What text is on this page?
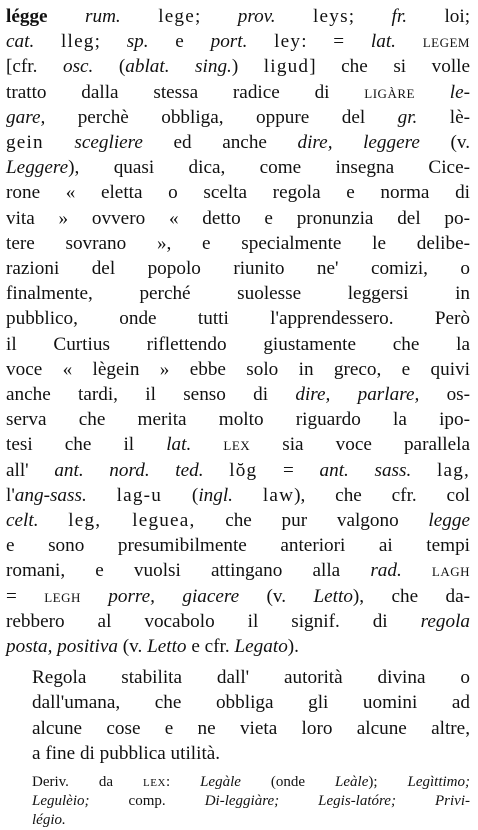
légge rum. lege; prov. leys; fr. loi;
cat. lleg; sp. e port. ley: = lat. legem
[cfr. osc. (ablat. sing.) ligud] che si volle
tratto dalla stessa radice di ligàre le-
gare, perchè obbliga, oppure del gr. lè-
gein scegliere ed anche dire, leggere (v.
Leggere), quasi dica, come insegna Cice-
rone « eletta o scelta regola e norma di
vita » ovvero « detto e pronunzia del po-
tere sovrano », e specialmente le delibe-
razioni del popolo riunito ne' comizi, o
finalmente, perché suolesse leggersi in
pubblico, onde tutti l'apprendessero. Però
il Curtius riflettendo giustamente che la
voce « lègein » ebbe solo in greco, e quivi
anche tardi, il senso di dire, parlare, os-
serva che merita molto riguardo la ipo-
tesi che il lat. lex sia voce parallela
all' ant. nord. ted. lŏg = ant. sass. lag,
l'ang-sass. lag-u (ingl. law), che cfr. col
celt. leg, leguea, che pur valgono legge
e sono presumibilmente anteriori ai tempi
romani, e vuolsi attingano alla rad. lagh
= legh porre, giacere (v. Letto), che da-
rebbero al vocabolo il signif. di regola
posta, positiva (v. Letto e cfr. Legato).

Regola stabilita dall' autorità divina o
dall'umana, che obbliga gli uomini ad
alcune cose e ne vieta loro alcune altre,
a fine di pubblica utilità.

Deriv. da lex: Legàle (onde Leàle); Legìttimo;
Legulèio; comp. Di-leggiàre; Legis-latóre; Privi-
légio.
